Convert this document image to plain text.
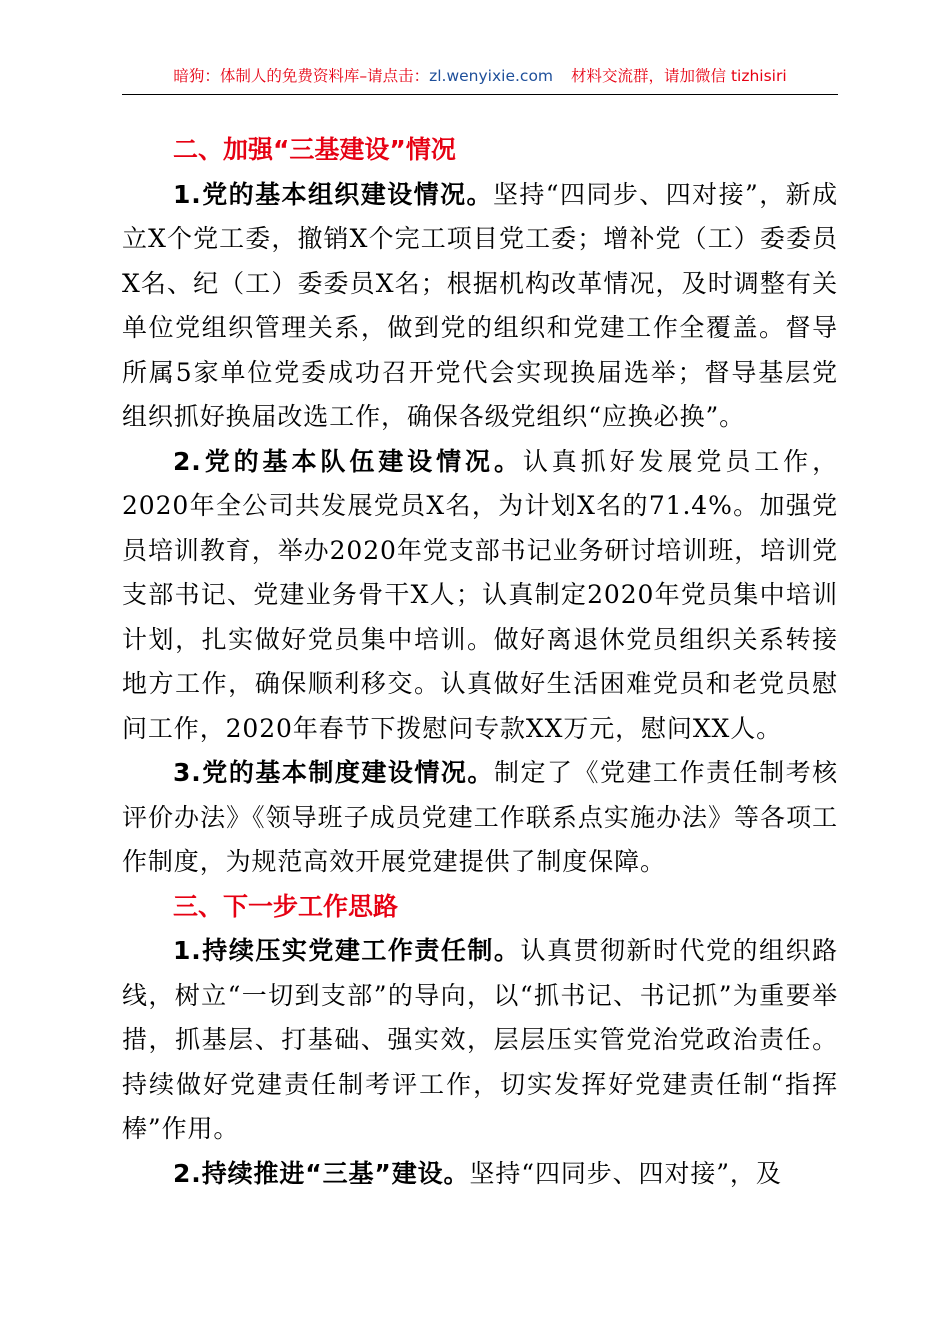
暗狗：体制人的免费资料库–请点击：zl.wenyixie.com 材料交流群，请加微信 tizhisiri
二、加强“三基建设”情况

1.党的基本组织建设情况。坚持“四同步、四对接”，新成立X个党工委，撤销X个完工项目党工委；增补党（工）委委员X名、纪（工）委委员X名；根据机构改革情况，及时调整有关单位党组织管理关系，做到党的组织和党建工作全覆盖。督导所属5家单位党委成功召开党代会实现换届选举；督导基层党组织抓好换届改选工作，确保各级党组织“应换必换”。

2.党的基本队伍建设情况。认真抓好发展党员工作，2020年全公司共发展党员X名，为计划X名的71.4%。加强党员培训教育，举办2020年党支部书记业务研讨培训班，培训党支部书记、党建业务骨干X人；认真制定2020年党员集中培训计划，扎实做好党员集中培训。做好离退休党员组织关系转接地方工作，确保顺利移交。认真做好生活困难党员和老党员慰问工作，2020年春节下拨慰问专款XX万元，慰问XX人。

3.党的基本制度建设情况。制定了《党建工作责任制考核评价办法》《领导班子成员党建工作联系点实施办法》等各项工作制度，为规范高效开展党建提供了制度保障。

三、下一步工作思路

1.持续压实党建工作责任制。认真贯彻新时代党的组织路线，树立“一切到支部”的导向，以“抓书记、书记抓”为重要举措，抓基层、打基础、强实效，层层压实管党治党政治责任。持续做好党建责任制考评工作，切实发挥好党建责任制“指挥棒”作用。

2.持续推进“三基”建设。坚持“四同步、四对接”，及
